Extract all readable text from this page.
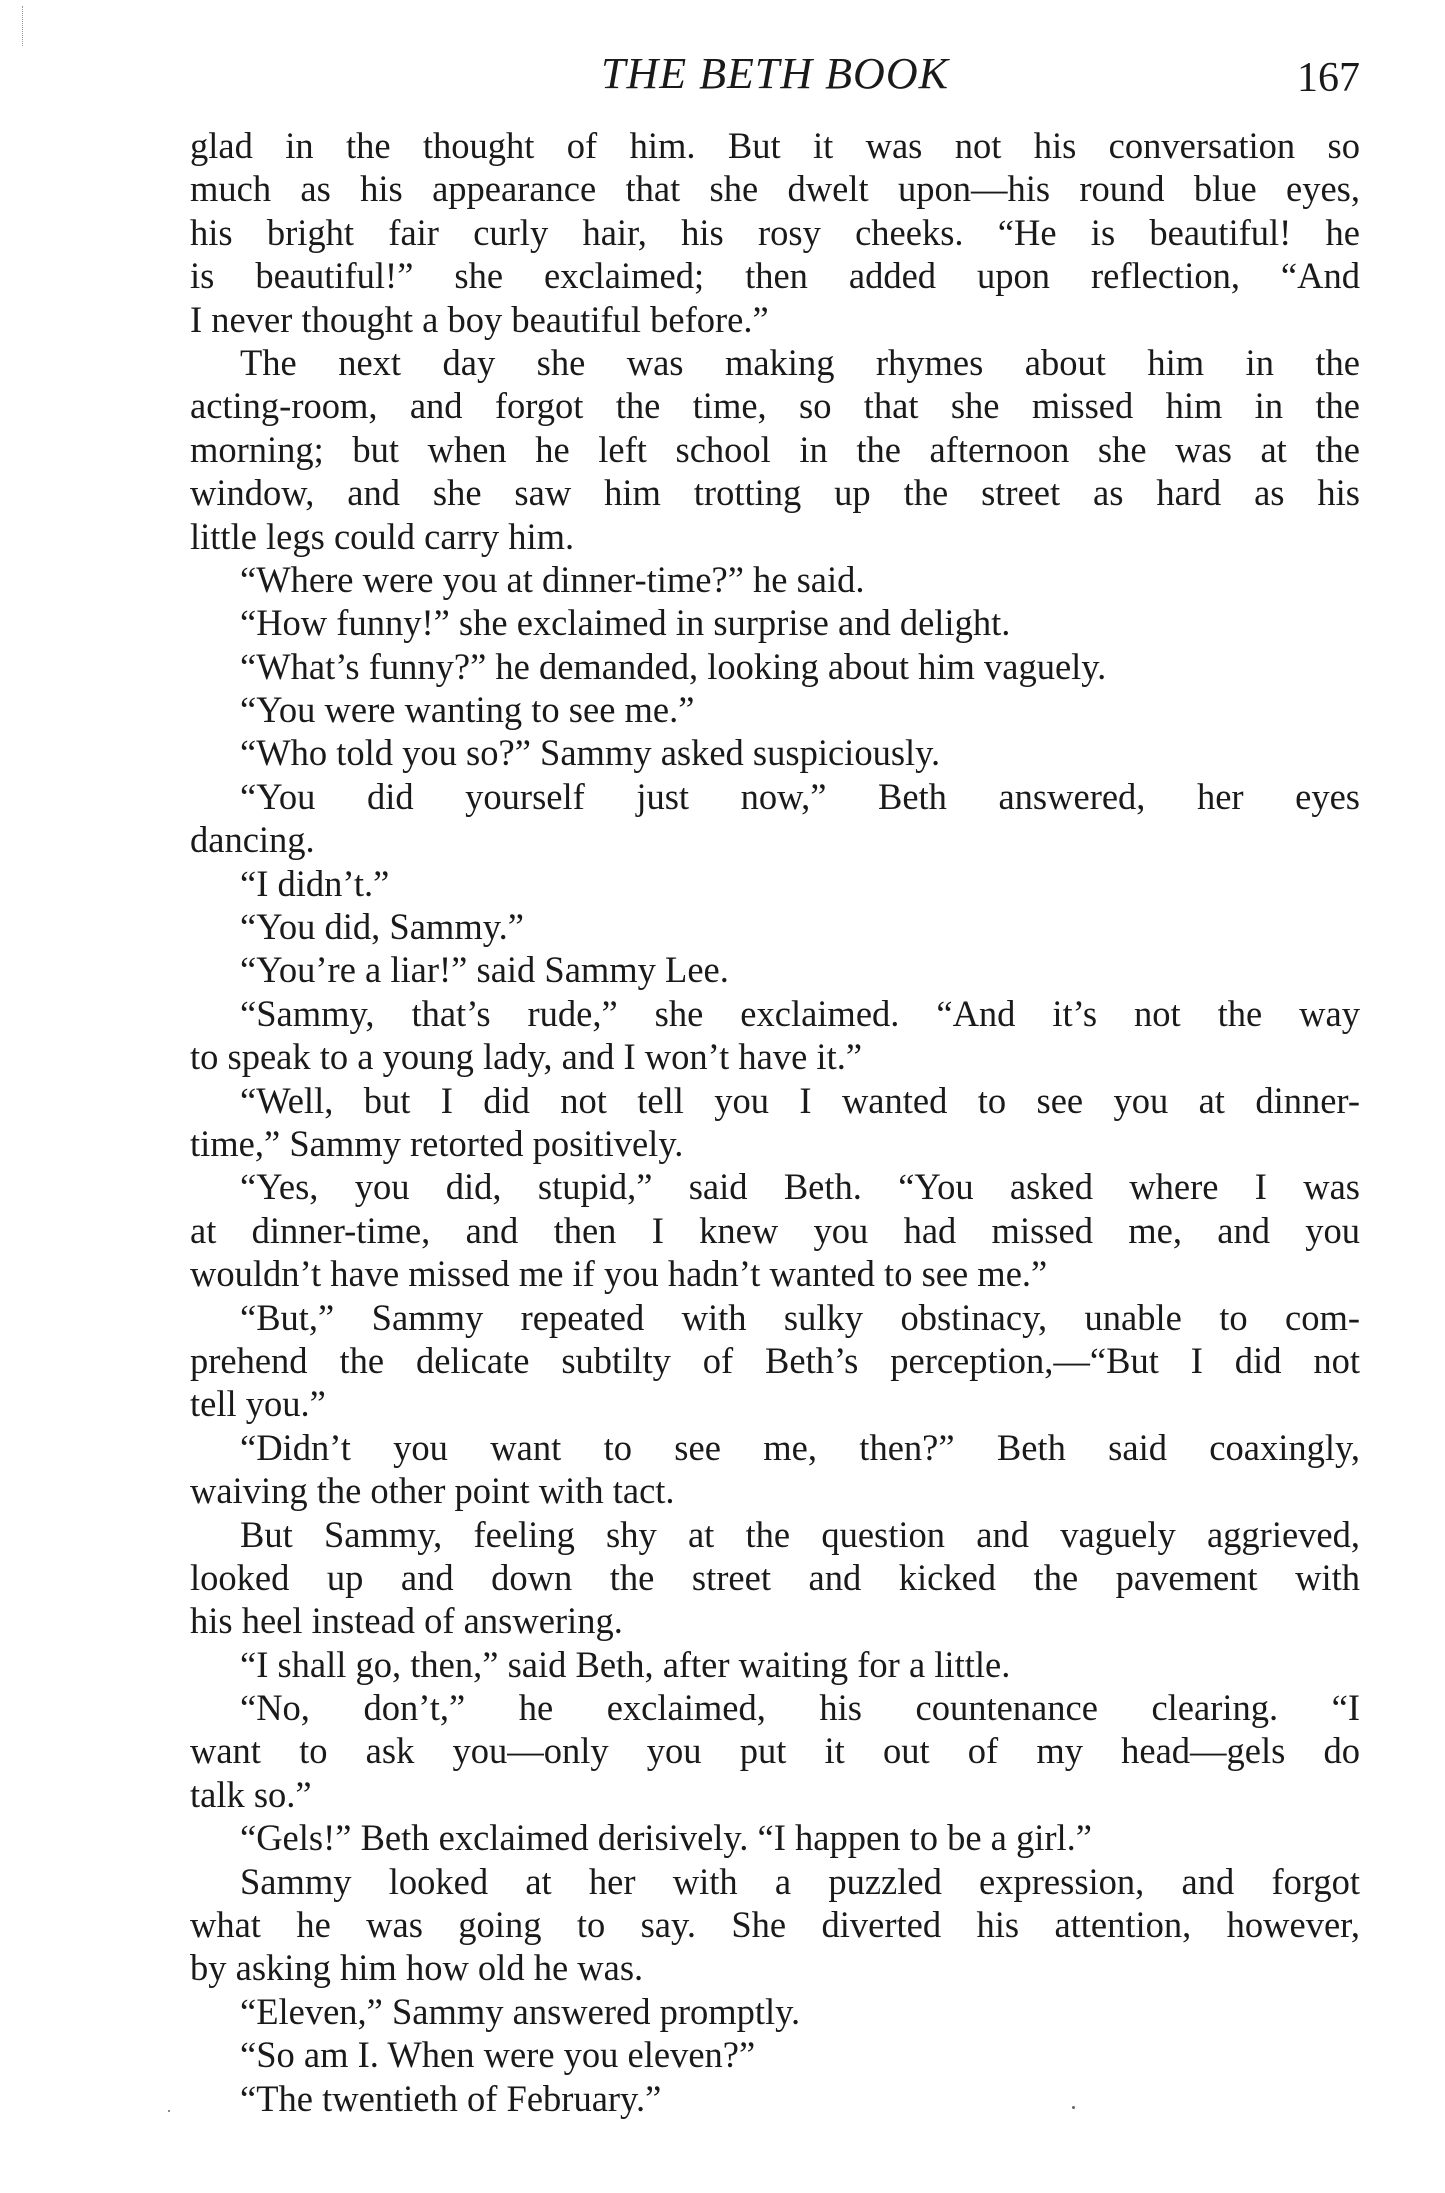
THE BETH BOOK	167
glad in the thought of him. But it was not his conversation so
much as his appearance that she dwelt upon—his round blue eyes,
his bright fair curly hair, his rosy cheeks. “He is beautiful! he
is beautiful!” she exclaimed; then added upon reflection, “And
I never thought a boy beautiful before.”
The next day she was making rhymes about him in the
acting-room, and forgot the time, so that she missed him in the
morning; but when he left school in the afternoon she was at the
window, and she saw him trotting up the street as hard as his
little legs could carry him.
“Where were you at dinner-time?” he said.
“How funny!” she exclaimed in surprise and delight.
“What’s funny?” he demanded, looking about him vaguely.
“You were wanting to see me.”
“Who told you so?” Sammy asked suspiciously.
“You did yourself just now,” Beth answered, her eyes
dancing.
“I didn’t.”
“You did, Sammy.”
“You’re a liar!” said Sammy Lee.
“Sammy, that’s rude,” she exclaimed. “And it’s not the way
to speak to a young lady, and I won’t have it.”
“Well, but I did not tell you I wanted to see you at dinner-
time,” Sammy retorted positively.
“Yes, you did, stupid,” said Beth. “You asked where I was
at dinner-time, and then I knew you had missed me, and you
wouldn’t have missed me if you hadn’t wanted to see me.”
“But,” Sammy repeated with sulky obstinacy, unable to com-
prehend the delicate subtilty of Beth’s perception,—“But I did not
tell you.”
“Didn’t you want to see me, then?” Beth said coaxingly,
waiving the other point with tact.
But Sammy, feeling shy at the question and vaguely aggrieved,
looked up and down the street and kicked the pavement with
his heel instead of answering.
“I shall go, then,” said Beth, after waiting for a little.
“No, don’t,” he exclaimed, his countenance clearing. “I
want to ask you—only you put it out of my head—gels do
talk so.”
“Gels!” Beth exclaimed derisively. “I happen to be a girl.”
Sammy looked at her with a puzzled expression, and forgot
what he was going to say. She diverted his attention, however,
by asking him how old he was.
“Eleven,” Sammy answered promptly.
“So am I. When were you eleven?”
“The twentieth of February.”
